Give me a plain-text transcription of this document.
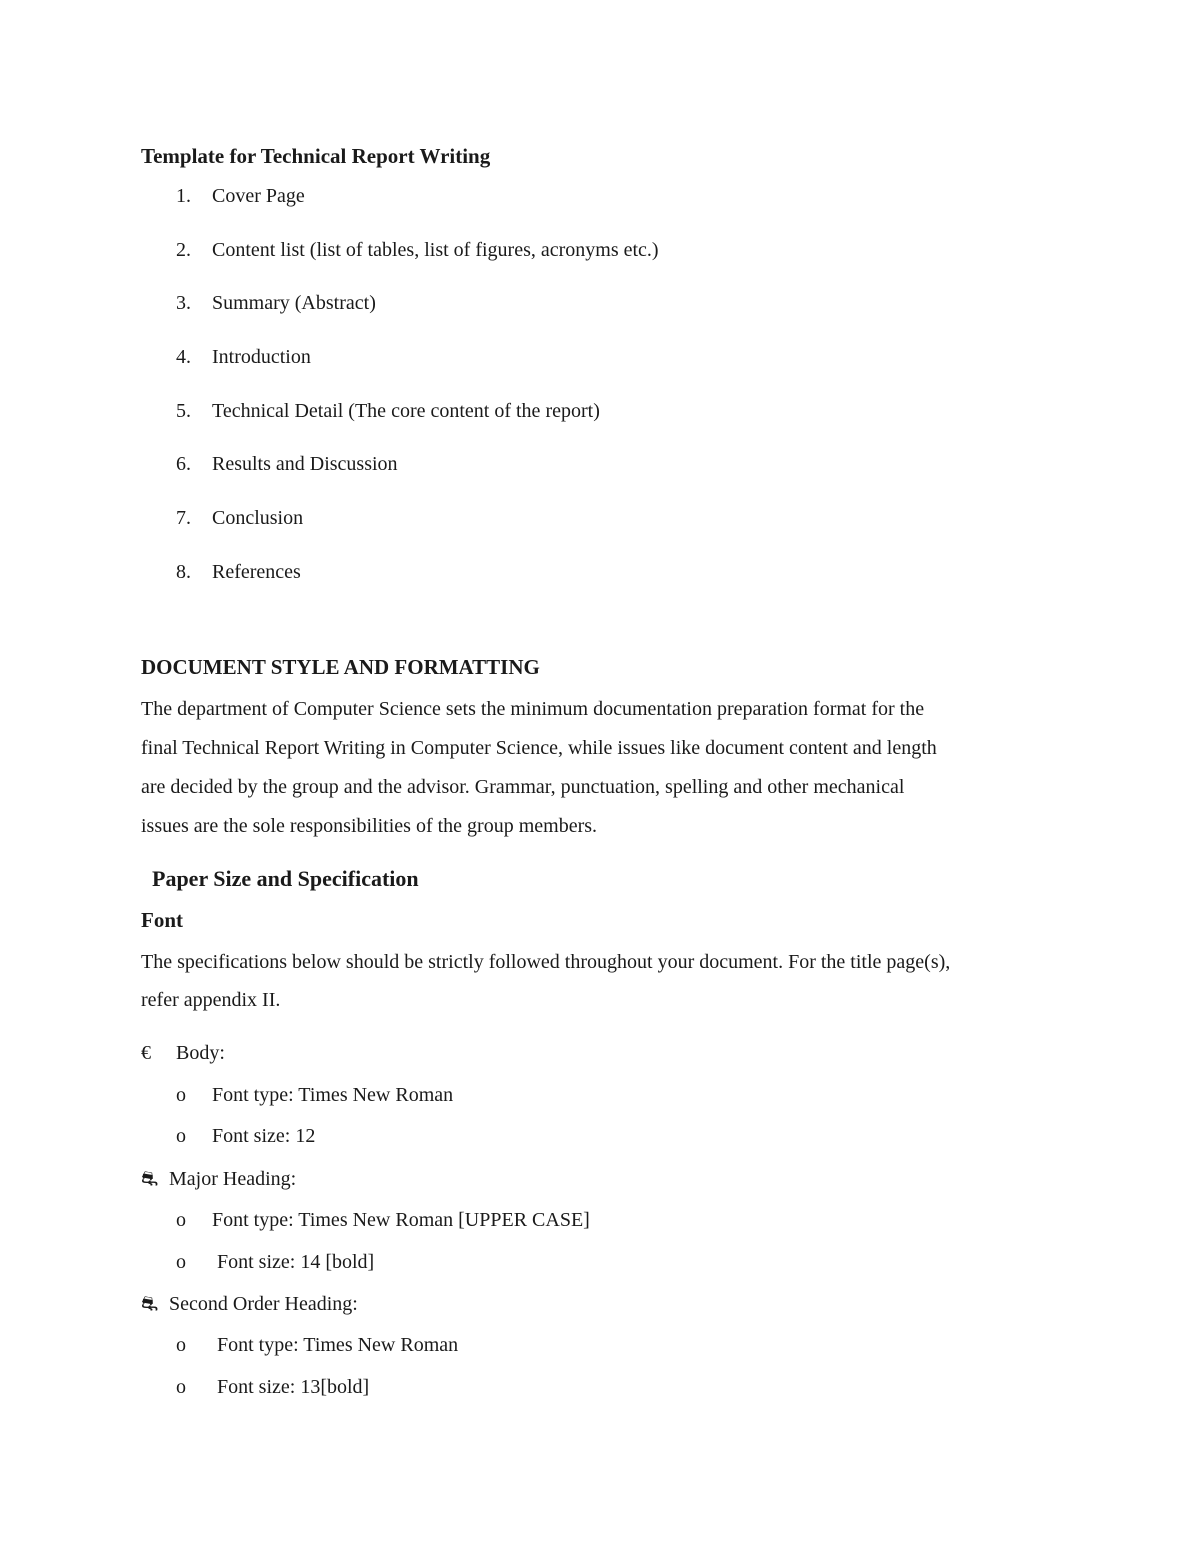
Template for Technical Report Writing
1. Cover Page
2. Content list (list of tables, list of figures, acronyms etc.)
3. Summary (Abstract)
4. Introduction
5. Technical Detail (The core content of the report)
6. Results and Discussion
7. Conclusion
8. References
DOCUMENT STYLE AND FORMATTING
The department of Computer Science sets the minimum documentation preparation format for the
final Technical Report Writing in Computer Science, while issues like document content and length
are decided by the group and the advisor. Grammar, punctuation, spelling and other mechanical
issues are the sole responsibilities of the group members.
Paper Size and Specification
Font
The specifications below should be strictly followed throughout your document. For the title page(s),
refer appendix II.
€ Body:
o Font type: Times New Roman
o Font size: 12
⛐ Major Heading:
o Font type: Times New Roman [UPPER CASE]
o Font size: 14 [bold]
⛐ Second Order Heading:
o Font type: Times New Roman
o Font size: 13[bold]
